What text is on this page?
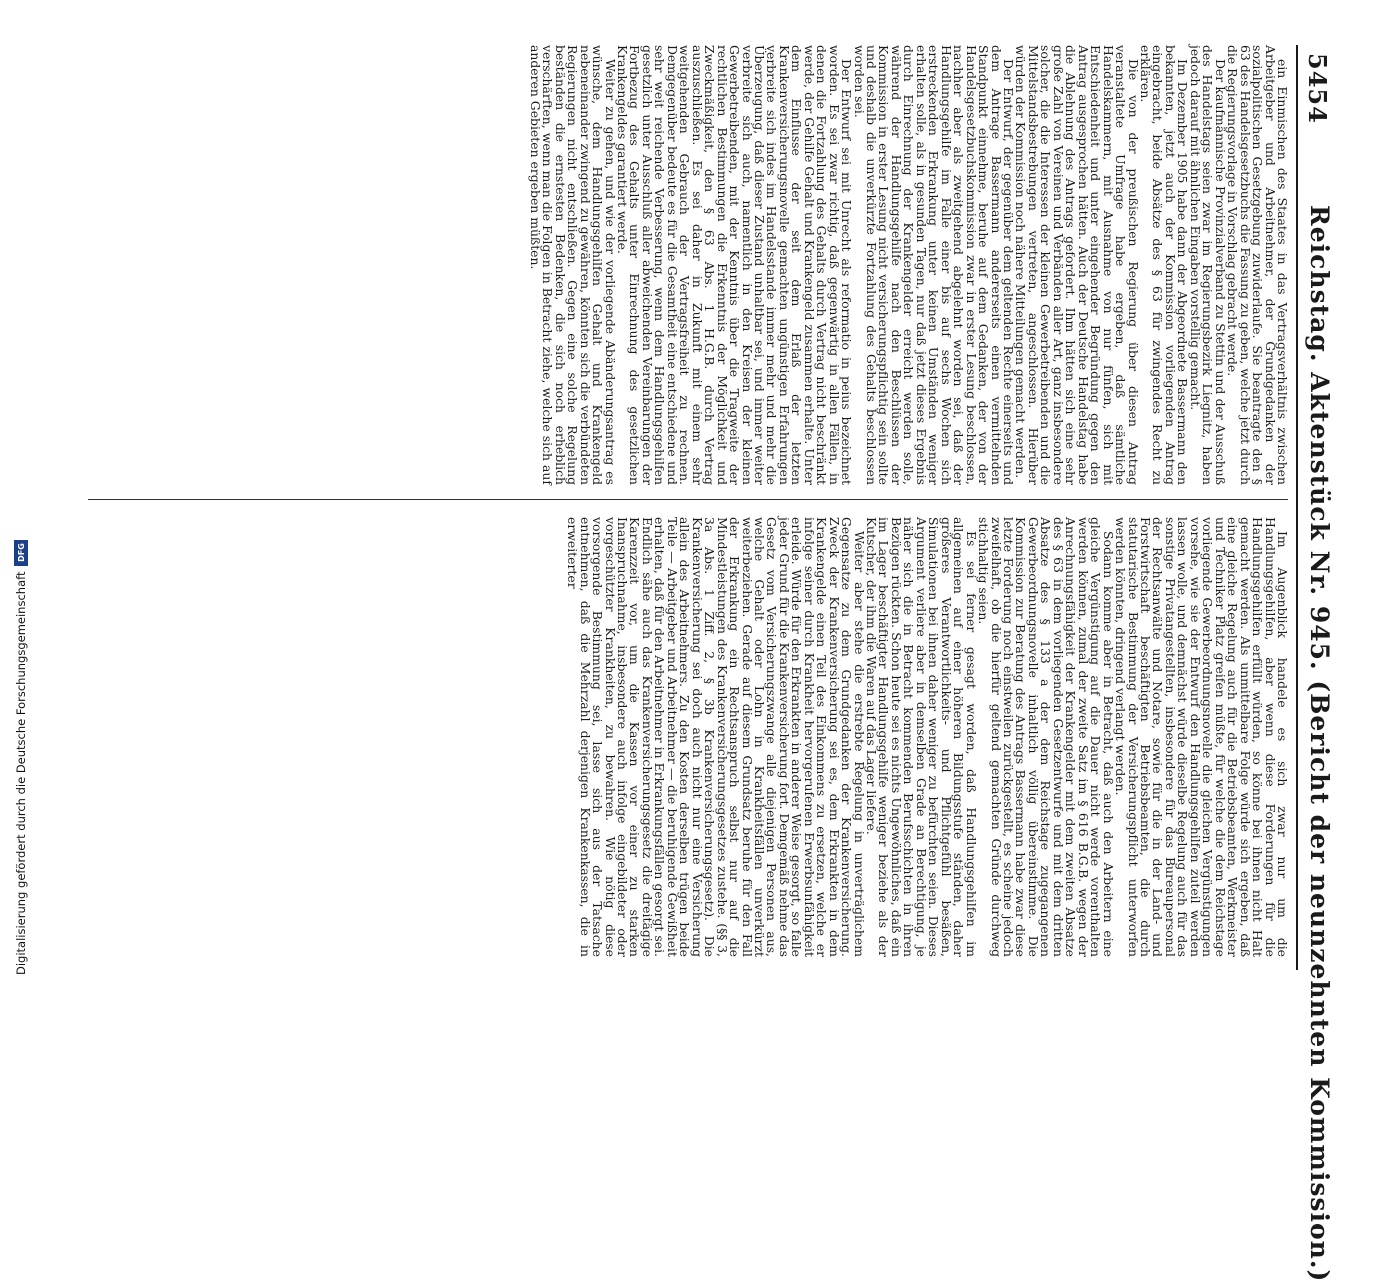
5454
Reichstag. Aktenstück Nr. 945. (Bericht der neunzehnten Kommission.)

ein Einmischen des Staates in das Vertragsverhältnis zwischen Arbeitgeber und Arbeitnehmer, der Grundgedanken der sozialpolitischen Gesetzgebung zuwiderlaufe. Sie beantragte den § 63 des Handelsgesetzbuchs die Fassung zu geben, welche jetzt durch die Regierungsvorlage in Vorschlag gebracht werde.

Der kaufmännische Provinzialverband zu Stettin und der Ausschuß des Handelstags seien zwar im Regierungsbezirk Liegnitz, haben jedoch darauf mit ähnlichen Eingaben vorstellig gemacht.

Im Dezember 1905 habe dann der Abgeordnete Bassermann den bekannten, jetzt auch der Kommission vorliegenden Antrag eingebracht, beide Absätze des § 63 für zwingendes Recht zu erklären.

Die von der preußischen Regierung über diesen Antrag veranstaltete Umfrage habe ergeben, daß sämtliche Handelskammern, mit Ausnahme von nur fünfen, sich mit Entschiedenheit und unter eingehender Begründung gegen den Antrag ausgesprochen hätten. Auch der Deutsche Handelstag habe die Ablehnung des Antrags gefordert. Ihm hätten sich eine sehr große Zahl von Vereinen und Verbänden aller Art, ganz insbesondere solcher, die die Interessen der kleinen Gewerbetreibenden und die Mittelstandsbestrebungen vertreten, angeschlossen. Hierüber würden der Kommission noch nähere Mitteilungen gemacht werden.

Der Entwurf, der gegenüber dem geltenden Rechte einerseits und dem Antrage Bassermann andererseits einen vermittelnden Standpunkt einnehme, beruhe auf dem Gedanken, der von der Handelsgesetzbuchskommission zwar in erster Lesung beschlossen, nachher aber als zweitgehend abgelehnt worden sei, daß der Handlungsgehilfe im Falle einer bis auf sechs Wochen sich erstreckenden Erkrankung unter keinen Umständen weniger erhalten solle, als in gesunden Tagen, nur daß jetzt dieses Ergebnis durch Einrechnung der Krankengelder erreicht werden solle, während der Handlungsgehilfe nach den Beschlüssen der Kommission in erster Lesung nicht versicherungspflichtig sein sollte und deshalb die unverkürzte Fortzahlung des Gehalts beschlossen worden sei.

Der Entwurf sei mit Unrecht als reformatio in peius bezeichnet worden. Es sei zwar richtig, daß gegenwärtig in allen Fällen, in denen die Fortzahlung des Gehalts durch Vertrag nicht beschränkt werde, der Gehilfe Gehalt und Krankengeld zusammen erhalte. Unter dem Einflusse der seit dem Erlaß der letzten Krankenversicherungsnovelle gemachten ungünstigen Erfahrungen verbreite sich indes im Handelsstande immer mehr und mehr die Überzeugung, daß dieser Zustand unhaltbar sei, und immer weiter verbreite sich auch, namentlich in den Kreisen der kleinen Gewerbetreibenden, mit der Kenntnis über die Tragweite der rechtlichen Bestimmungen die Erkenntnis der Möglichkeit und Zweckmäßigkeit, den § 63 Abs. 1 H.G.B. durch Vertrag auszuschließen. Es sei daher in Zukunft mit einem sehr weitgehenden Gebrauch der Vertragsfreiheit zu rechnen. Demgegenüber bedeute es für die Gesamtheit eine entschiedene und sehr weit reichende Verbesserung, wenn dem Handlungsgehilfen gesetzlich unter Ausschluß aller abweichenden Vereinbarungen der Fortbezug des Gehalts unter Einrechnung des gesetzlichen Krankengeldes garantiert werde.

Weiter zu gehen, und wie der vorliegende Abänderungsantrag es wünsche, dem Handlungsgehilfen Gehalt und Krankengeld nebeneinander zwingend zu gewähren, könnten sich die verbündeten Regierungen nicht entschließen. Gegen eine solche Regelung beständen die ernstesten Bedenken, die sich noch erheblich verschärften, wenn man die Folgen in Betracht ziehe, welche sich auf anderen Gebieten ergeben müßten.

Im Augenblick handele es sich zwar nur um die Handlungsgehilfen, aber wenn diese Forderungen für die Handlungsgehilfen erfüllt würden, so könne bei ihnen nicht Halt gemacht werden. Als unmittelbare Folge würde sich ergeben, daß eine gleiche Regelung auch für die Betriebsbeamten, Werkmeister und Techniker Platz greifen müßte, für welche die dem Reichstage vorliegende Gewerbeordnungsnovelle die gleichen Vergünstigungen vorsehe, wie sie der Entwurf den Handlungsgehilfen zuteil werden lassen wolle, und demnächst würde dieselbe Regelung auch für das sonstige Privatangestellten, insbesondere für das Bureaupersonal der Rechtsanwälte und Notare, sowie für die in der Land- und Forstwirtschaft beschäftigten Betriebsbeamten, die durch statutarische Bestimmung der Versicherungspflicht unterworfen werden könnten, dringend verlangt werden.

Sodann komme aber in Betracht, daß auch den Arbeitern eine gleiche Vergünstigung auf die Dauer nicht werde vorenthalten werden können, zumal der zweite Satz im § 616 B.G.B. wegen der Anrechnungsfähigkeit der Krankengelder mit dem zweiten Absatze des § 63 in dem vorliegenden Gesetzentwurfe und mit dem dritten Absatze des § 133 a der dem Reichstage zugegangenen Gewerbeordnungsnovelle inhaltlich völlig übereinstimme. Die Kommission zur Beratung des Antrags Bassermann habe zwar diese letzte Forderung noch einstweilen zurückgestellt, es scheine jedoch zweifelhaft, ob die hierfür geltend gemachten Gründe durchweg stichhaltig seien.

Es sei ferner gesagt worden, daß Handlungsgehilfen im allgemeinen auf einer höheren Bildungsstufe ständen, daher größeres Verantwortlichkeits- und Pflichtgefühl besäßen, Simulationen bei ihnen daher weniger zu befürchten seien. Dieses Argument verliere aber in demselben Grade an Berechtigung, je näher sich die in Betracht kommenden Berufsschichten in ihren Bezügen rückten. Schon heute sei es nichts Ungewöhnliches, daß ein im Lager beschäftigter Handlungsgehilfe weniger beziehe als der Kutscher, der ihm die Waren auf das Lager liefere.

Weiter aber stehe die erstrebte Regelung in unverträglichem Gegensatze zu dem Grundgedanken der Krankenversicherung. Zweck der Krankenversicherung sei es, dem Erkrankten in dem Krankengelde einen Teil des Einkommens zu ersetzen, welche er infolge seiner durch Krankheit hervorgerufenen Erwerbsunfähigkeit erleide. Würde für den Erkrankten in anderer Weise gesorgt, so falle jeder Grund für die Krankenversicherung fort. Demgemäß nehme das Gesetz vom Versicherungszwange alle diejenigen Personen aus, welche Gehalt oder Lohn in Krankheitsfällen unverkürzt weiterbeziehen. Gerade auf diesem Grundsatz beruhe für den Fall der Erkrankung ein Rechtsanspruch selbst nur auf die Mindestleistungen des Krankenversicherungsgesetzes zustehe. (§§ 3, 3a Abs. 1 Ziff. 2, § 3b Krankenversicherungsgesetz). Die Krankenversicherung sei doch auch nicht nur eine Versicherung allein des Arbeitnehmers. Zu den Kosten derselben trügen beide Teile — Arbeitgeber und Arbeitnehmer — die beruhigende Gewißheit erhalten, daß für den Arbeitnehmer in Erkrankungsfällen gesorgt sei. Endlich sähe auch das Krankenversicherungsgesetz die dreitägige Karenzzeit vor, um die Kassen vor einer zu starken Inanspruchnahme, insbesondere auch infolge eingebildeter oder vorgeschützter Krankheiten, zu bewahren. Wie nötig diese vorsorgende Bestimmung sei, lasse sich aus der Tatsache entnehmen, daß die Mehrzahl derjenigen Krankenkassen, die in erweiterter

Digitalisierung gefördert durch die Deutsche Forschungsgemeinschaft
DFG
